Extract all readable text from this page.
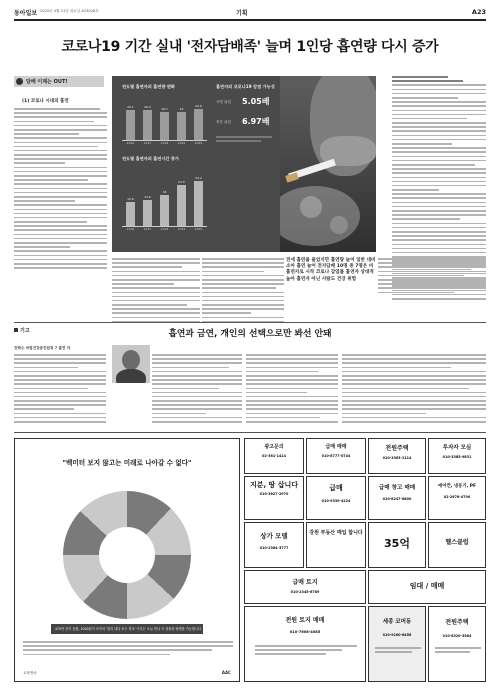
동아일보 2020년 4월 21일 화요일 A23028호	기획	A23
코로나19 기간 실내 '전자담배족' 늘며 1인당 흡연량 다시 증가
담배 이제는 OUT!
(1) 코로나 시대의 흡연
연도별 흡연자의 흡연량 변화
20.1
2016
20.3
2017
18.7
2018
19
2019
20.6
2020
연도별 흡연자의 흡연시간 증가
12.6
2016
13.6
2017
16
2018
21.5
2019
23.2
2020
흡연자의 코로나19 감염 가능성
사망 위험 5.05배
중증 위험 6.97배
전세 흡연율 줄었지만 흡연량 늘어 일반 대비 소아 흡연 늘어 전자담배 10명 중 7명은 비흡연자로 시작 코로나 감염률 흡연자 상대적 높아 흡연자 아닌 사람도 건강 위험
기고	흡연과 금연, 개인의 선택으로만 봐선 안돼
진학수 국립건강증진원장 7 흡연 자
"백미터 보지 않고는 미래로 나아갈 수 없다"
475만 건의 응원, 1000원이 모여서 '멀리 내다 보는 학교' 이루는 오늘 만나 이 성장을 평생을 가능합니다
교육방송	AAC
광고문의
02-361-1414
급매 매매
010-8777-0744
전원주택
010-3363-1114
투자자 모심
010-3385-9831
지분, 땅 삽니다
010-3827-2970
급매
010-9339-4224
급매 창고 매매
010-8247-6800
에어컨, 냉동기, PF
02-2676-4700
상가 모델
010-2384-3777
강원 부동산 매입 합니다
35억	헬스클럽
급매 토지
010-2345-6789
임대 / 매매
전원 토지 매매
010-7608-4085
세종 코머동
010-9200-6456
전원주택
010-6320-3584
